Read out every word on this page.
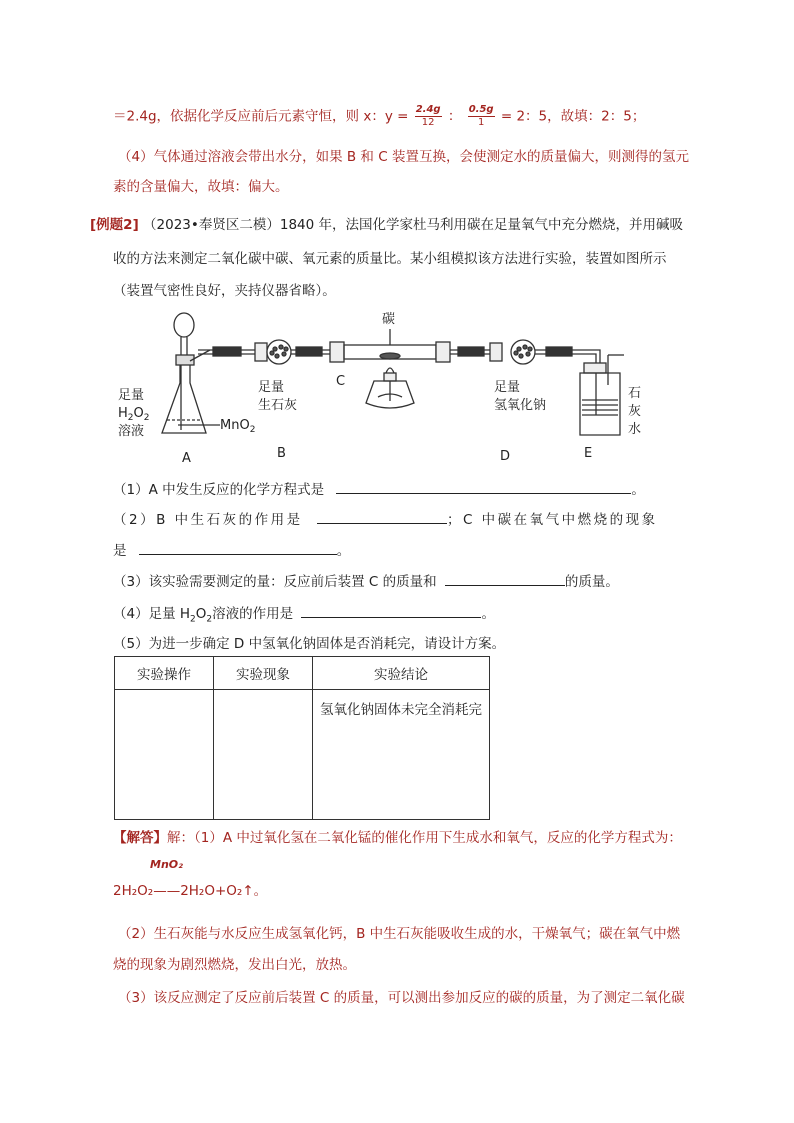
＝2.4g，依据化学反应前后元素守恒，则 x：$y = \frac{2.4g}{12}$ ： $\frac{0.5g}{1} = 2$：5，故填：2：5；
（4）气体通过溶液会带出水分，如果 B 和 C 装置互换，会使测定水的质量偏大，则测得的氢元
素的含量偏大，故填：偏大。
[例题2] （2023•奉贤区二模）1840 年，法国化学家杜马利用碳在足量氧气中充分燃烧，并用碱吸
收的方法来测定二氧化碳中碳、氧元素的质量比。某小组模拟该方法进行实验，装置如图所示
（装置气密性良好，夹持仪器省略）。
碳
足量
$H_2O_2$
溶液	MnO$_2$
足量
生石灰
C	足量
氢氧化钠
石
灰
水
A	B	D	E
（1）A 中发生反应的化学方程式是	。
（2）B 中生石灰的作用是	；C 中碳在氧气中燃烧的现象
是	。
（3）该实验需要测定的量：反应前后装置 C 的质量和	的质量。
（4）足量 $H_2O_2$溶液的作用是	。
（5）为进一步确定 D 中氢氧化钠固体是否消耗完，请设计方案。
实验操作	实验现象	实验结论
		氢氧化钠固体未完全消耗完
【解答】解：（1）A 中过氧化氢在二氧化锰的催化作用下生成水和氧气，反应的化学方程式为：
MnO₂
2H₂O₂——2H₂O+O₂↑。
（2）生石灰能与水反应生成氢氧化钙，B 中生石灰能吸收生成的水，干燥氧气；碳在氧气中燃
烧的现象为剧烈燃烧，发出白光，放热。
（3）该反应测定了反应前后装置 C 的质量，可以测出参加反应的碳的质量，为了测定二氧化碳
